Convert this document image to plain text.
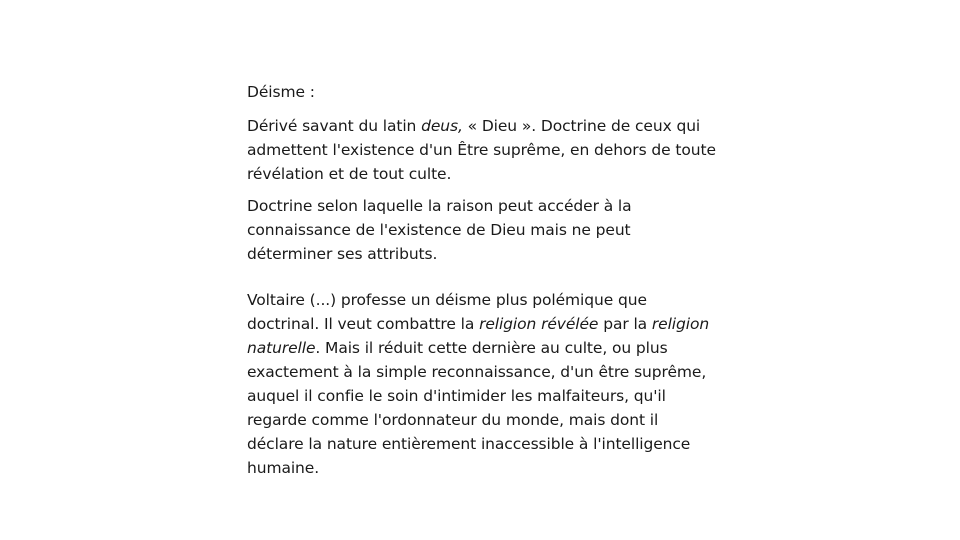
Déisme :

Dérivé savant du latin deus, « Dieu ». Doctrine de ceux qui admettent l'existence d'un Être suprême, en dehors de toute révélation et de tout culte.

Doctrine selon laquelle la raison peut accéder à la connaissance de l'existence de Dieu mais ne peut déterminer ses attributs.

Voltaire (...) professe un déisme plus polémique que doctrinal. Il veut combattre la religion révélée par la religion naturelle. Mais il réduit cette dernière au culte, ou plus exactement à la simple reconnaissance, d'un être suprême, auquel il confie le soin d'intimider les malfaiteurs, qu'il regarde comme l'ordonnateur du monde, mais dont il déclare la nature entièrement inaccessible à l'intelligence humaine.
